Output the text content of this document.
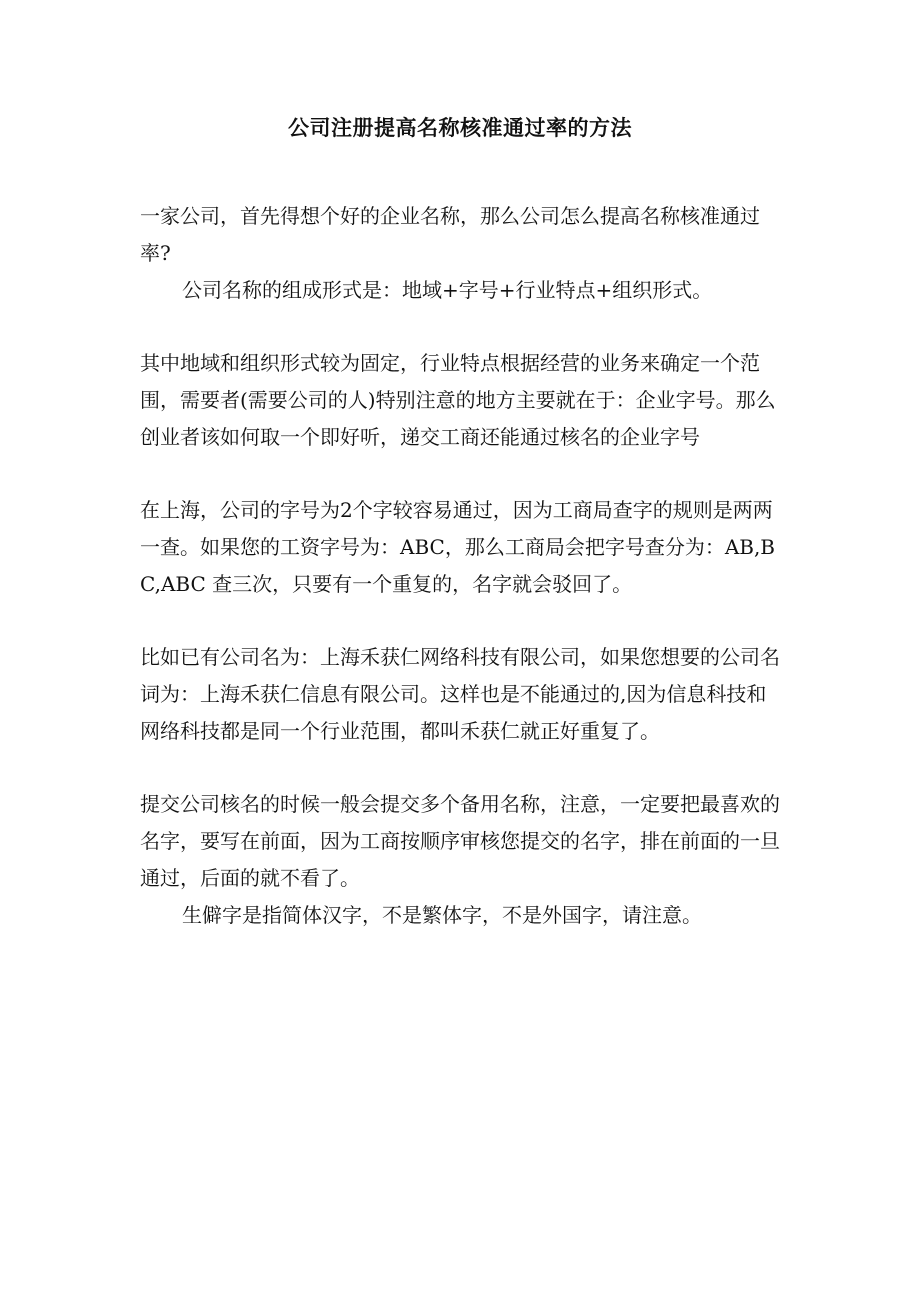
公司注册提高名称核准通过率的方法

一家公司，首先得想个好的企业名称，那么公司怎么提高名称核准通过率?

公司名称的组成形式是：地域+字号+行业特点+组织形式。

其中地域和组织形式较为固定，行业特点根据经营的业务来确定一个范围，需要者(需要公司的人)特别注意的地方主要就在于：企业字号。那么创业者该如何取一个即好听，递交工商还能通过核名的企业字号

在上海，公司的字号为2个字较容易通过，因为工商局查字的规则是两两一查。如果您的工资字号为：ABC，那么工商局会把字号查分为：AB,BC,ABC 查三次，只要有一个重复的，名字就会驳回了。

比如已有公司名为：上海禾获仁网络科技有限公司，如果您想要的公司名词为：上海禾获仁信息有限公司。这样也是不能通过的,因为信息科技和网络科技都是同一个行业范围，都叫禾获仁就正好重复了。

提交公司核名的时候一般会提交多个备用名称，注意，一定要把最喜欢的名字，要写在前面，因为工商按顺序审核您提交的名字，排在前面的一旦通过，后面的就不看了。

生僻字是指简体汉字，不是繁体字，不是外国字，请注意。
